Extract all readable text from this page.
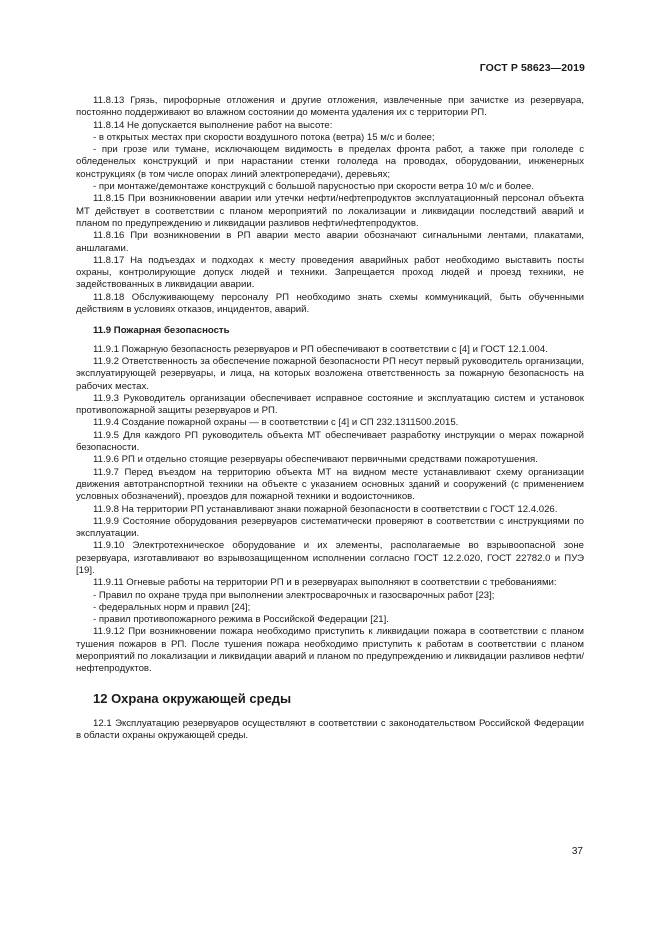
ГОСТ Р 58623—2019

11.8.13 Грязь, пирофорные отложения и другие отложения, извлеченные при зачистке из резервуара, постоянно поддерживают во влажном состоянии до момента удаления их с территории РП.

11.8.14 Не допускается выполнение работ на высоте:

- в открытых местах при скорости воздушного потока (ветра) 15 м/с и более;

- при грозе или тумане, исключающем видимость в пределах фронта работ, а также при гололеде с обледенелых конструкций и при нарастании стенки гололеда на проводах, оборудовании, инженерных конструкциях (в том числе опорах линий электропередачи), деревьях;

- при монтаже/демонтаже конструкций с большой парусностью при скорости ветра 10 м/с и более.

11.8.15 При возникновении аварии или утечки нефти/нефтепродуктов эксплуатационный персонал объекта МТ действует в соответствии с планом мероприятий по локализации и ликвидации последствий аварий и планом по предупреждению и ликвидации разливов нефти/нефтепродуктов.

11.8.16 При возникновении в РП аварии место аварии обозначают сигнальными лентами, плакатами, аншлагами.

11.8.17 На подъездах и подходах к месту проведения аварийных работ необходимо выставить посты охраны, контролирующие допуск людей и техники. Запрещается проход людей и проезд техники, не задействованных в ликвидации аварии.

11.8.18 Обслуживающему персоналу РП необходимо знать схемы коммуникаций, быть обученными действиям в условиях отказов, инцидентов, аварий.

11.9 Пожарная безопасность

11.9.1 Пожарную безопасность резервуаров и РП обеспечивают в соответствии с [4] и ГОСТ 12.1.004.

11.9.2 Ответственность за обеспечение пожарной безопасности РП несут первый руководитель организации, эксплуатирующей резервуары, и лица, на которых возложена ответственность за пожарную безопасность на рабочих местах.

11.9.3 Руководитель организации обеспечивает исправное состояние и эксплуатацию систем и установок противопожарной защиты резервуаров и РП.

11.9.4 Создание пожарной охраны — в соответствии с [4] и СП 232.1311500.2015.

11.9.5 Для каждого РП руководитель объекта МТ обеспечивает разработку инструкции о мерах пожарной безопасности.

11.9.6 РП и отдельно стоящие резервуары обеспечивают первичными средствами пожаротушения.

11.9.7 Перед въездом на территорию объекта МТ на видном месте устанавливают схему организации движения автотранспортной техники на объекте с указанием основных зданий и сооружений (с применением условных обозначений), проездов для пожарной техники и водоисточников.

11.9.8 На территории РП устанавливают знаки пожарной безопасности в соответствии с ГОСТ 12.4.026.

11.9.9 Состояние оборудования резервуаров систематически проверяют в соответствии с инструкциями по эксплуатации.

11.9.10 Электротехническое оборудование и их элементы, располагаемые во взрывоопасной зоне резервуара, изготавливают во взрывозащищенном исполнении согласно ГОСТ 12.2.020, ГОСТ 22782.0 и ПУЭ [19].

11.9.11 Огневые работы на территории РП и в резервуарах выполняют в соответствии с требованиями:

- Правил по охране труда при выполнении электросварочных и газосварочных работ [23];

- федеральных норм и правил [24];

- правил противопожарного режима в Российской Федерации [21].

11.9.12 При возникновении пожара необходимо приступить к ликвидации пожара в соответствии с планом тушения пожаров в РП. После тушения пожара необходимо приступить к работам в соответствии с планом мероприятий по локализации и ликвидации аварий и планом по предупреждению и ликвидации разливов нефти/нефтепродуктов.

12 Охрана окружающей среды

12.1 Эксплуатацию резервуаров осуществляют в соответствии с законодательством Российской Федерации в области охраны окружающей среды.

37
